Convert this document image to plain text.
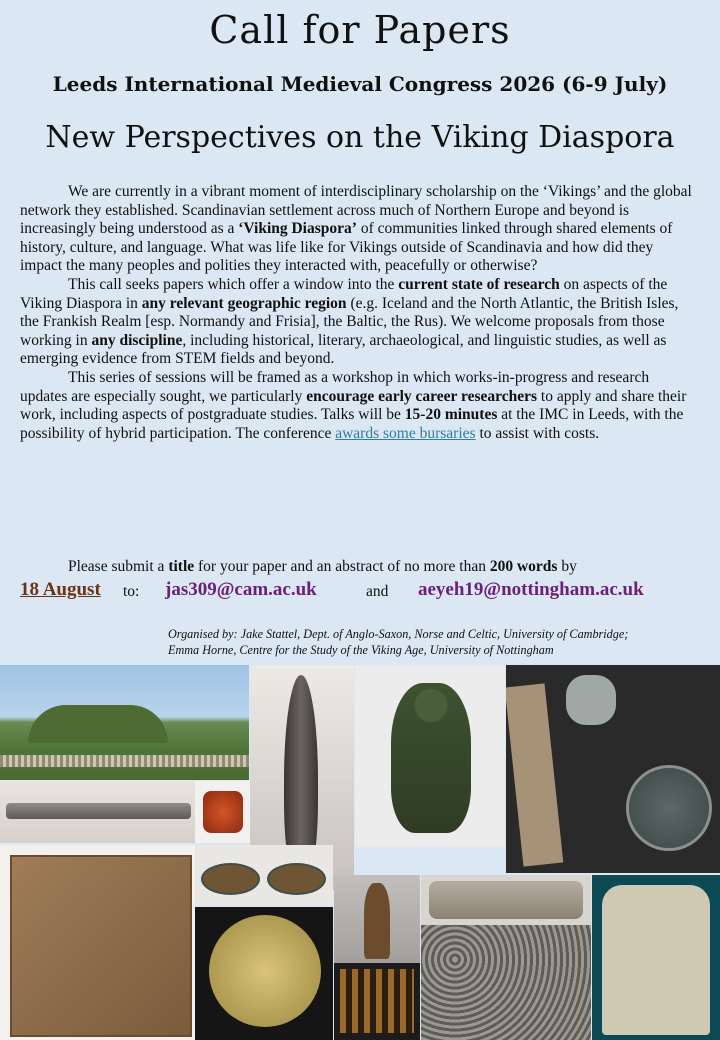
Call for Papers
Leeds International Medieval Congress 2026 (6-9 July)
New Perspectives on the Viking Diaspora

We are currently in a vibrant moment of interdisciplinary scholarship on the ‘Vikings’ and the global network they established. Scandinavian settlement across much of Northern Europe and beyond is increasingly being understood as a ‘Viking Diaspora’ of communities linked through shared elements of history, culture, and language. What was life like for Vikings outside of Scandinavia and how did they impact the many peoples and polities they interacted with, peacefully or otherwise?

This call seeks papers which offer a window into the current state of research on aspects of the Viking Diaspora in any relevant geographic region (e.g. Iceland and the North Atlantic, the British Isles, the Frankish Realm [esp. Normandy and Frisia], the Baltic, the Rus). We welcome proposals from those working in any discipline, including historical, literary, archaeological, and linguistic studies, as well as emerging evidence from STEM fields and beyond.

This series of sessions will be framed as a workshop in which works-in-progress and research updates are especially sought, we particularly encourage early career researchers to apply and share their work, including aspects of postgraduate studies. Talks will be 15-20 minutes at the IMC in Leeds, with the possibility of hybrid participation. The conference awards some bursaries to assist with costs.

Please submit a title for your paper and an abstract of no more than 200 words by
18 August to: jas309@cam.ac.uk	and aeyeh19@nottingham.ac.uk
Organised by: Jake Stattel, Dept. of Anglo-Saxon, Norse and Celtic, University of Cambridge;
Emma Horne, Centre for the Study of the Viking Age, University of Nottingham
